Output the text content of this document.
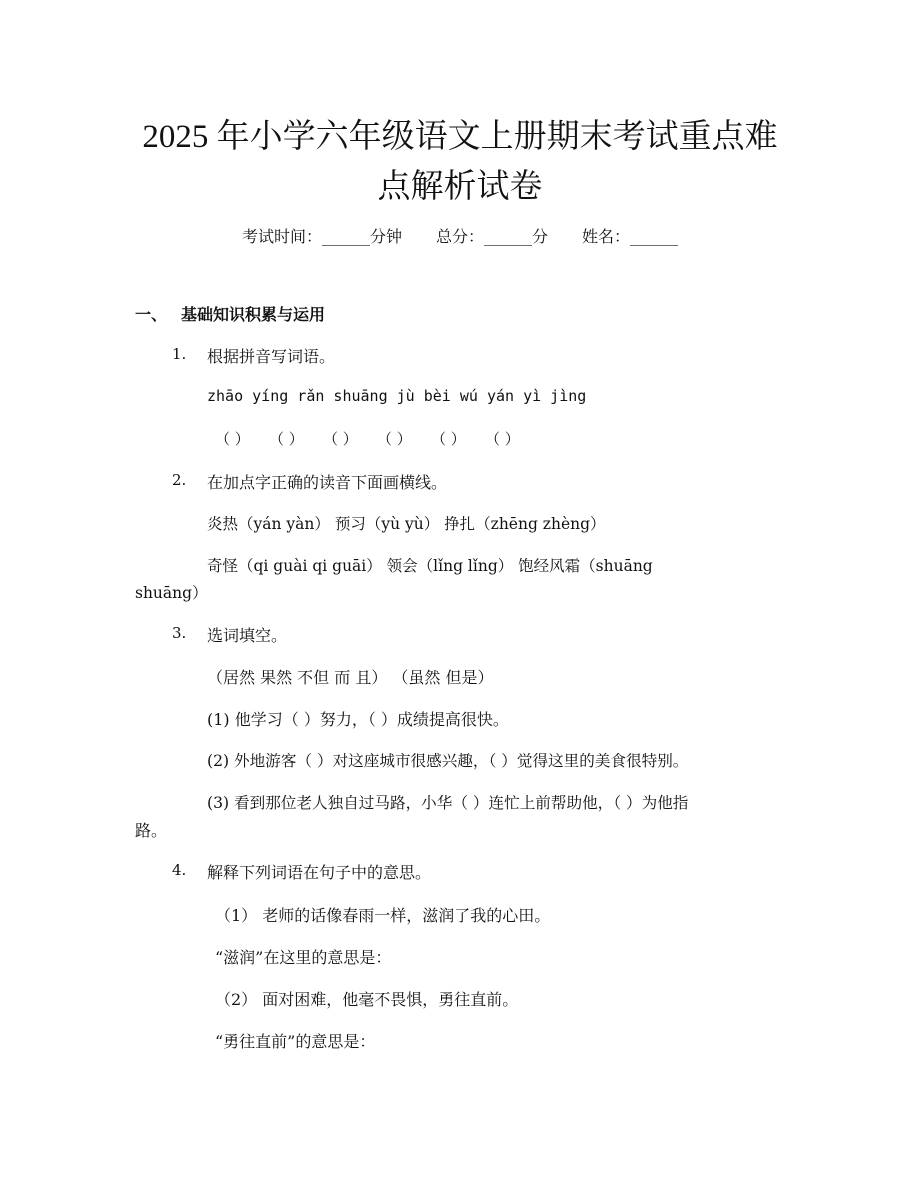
2025 年小学六年级语文上册期末考试重点难
点解析试卷
考试时间：______分钟 总分：______分 姓名：______
一、 基础知识积累与运用
1. 根据拼音写词语。
zhāo yíng rǎn shuāng jù bèi wú yán yì jìng
（ ） （ ） （ ） （ ） （ ） （ ）
2. 在加点字正确的读音下面画横线。
炎热（yán yàn） 预习（yù yù） 挣扎（zhēng zhèng）
奇怪（qi guài qi guāi） 领会（lǐng lǐng） 饱经风霜（shuāng
shuāng）
3. 选词填空。
（居然 果然 不但 而 且） （虽然 但是）
(1) 他学习（ ）努力，（ ）成绩提高很快。
(2) 外地游客（ ）对这座城市很感兴趣，（ ）觉得这里的美食很特别。
(3) 看到那位老人独自过马路，小华（ ）连忙上前帮助他，（ ）为他指
路。
4. 解释下列词语在句子中的意思。
（1） 老师的话像春雨一样，滋润了我的心田。
“滋润”在这里的意思是：
（2） 面对困难，他毫不畏惧，勇往直前。
“勇往直前”的意思是：
